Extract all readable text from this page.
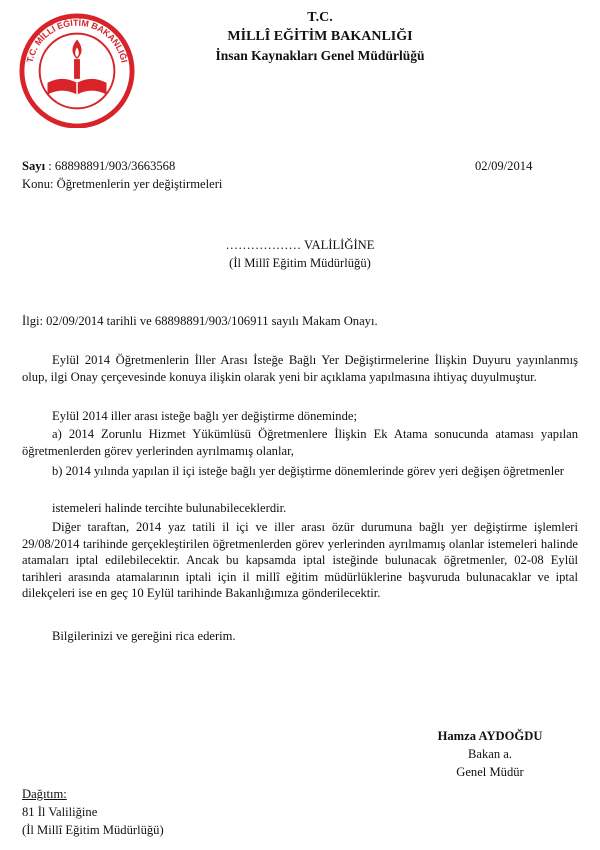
T.C. MİLLÎ EĞİTİM BAKANLIĞI
T.C.
MİLLÎ EĞİTİM BAKANLIĞI
İnsan Kaynakları Genel Müdürlüğü
Sayı : 68898891/903/3663568	02/09/2014
Konu: Öğretmenlerin yer değiştirmeleri
……………… VALİLİĞİNE
(İl Millî Eğitim Müdürlüğü)
İlgi: 02/09/2014 tarihli ve 68898891/903/106911 sayılı Makam Onayı.
Eylül 2014 Öğretmenlerin İller Arası İsteğe Bağlı Yer Değiştirmelerine İlişkin Duyuru yayınlanmış olup, ilgi Onay çerçevesinde konuya ilişkin olarak yeni bir açıklama yapılmasına ihtiyaç duyulmuştur.
Eylül 2014 iller arası isteğe bağlı yer değiştirme döneminde;
a) 2014 Zorunlu Hizmet Yükümlüsü Öğretmenlere İlişkin Ek Atama sonucunda ataması yapılan öğretmenlerden görev yerlerinden ayrılmamış olanlar,
b) 2014 yılında yapılan il içi isteğe bağlı yer değiştirme dönemlerinde görev yeri değişen öğretmenler
istemeleri halinde tercihte bulunabileceklerdir.
Diğer taraftan, 2014 yaz tatili il içi ve iller arası özür durumuna bağlı yer değiştirme işlemleri 29/08/2014 tarihinde gerçekleştirilen öğretmenlerden görev yerlerinden ayrılmamış olanlar istemeleri halinde atamaları iptal edilebilecektir. Ancak bu kapsamda iptal isteğinde bulunacak öğretmenler, 02-08 Eylül tarihleri arasında atamalarının iptali için il millî eğitim müdürlüklerine başvuruda bulunacaklar ve iptal dilekçeleri ise en geç 10 Eylül tarihinde Bakanlığımıza gönderilecektir.
Bilgilerinizi ve gereğini rica ederim.
Hamza AYDOĞDU
Bakan a.
Genel Müdür
Dağıtım:
81 İl Valiliğine
(İl Millî Eğitim Müdürlüğü)
